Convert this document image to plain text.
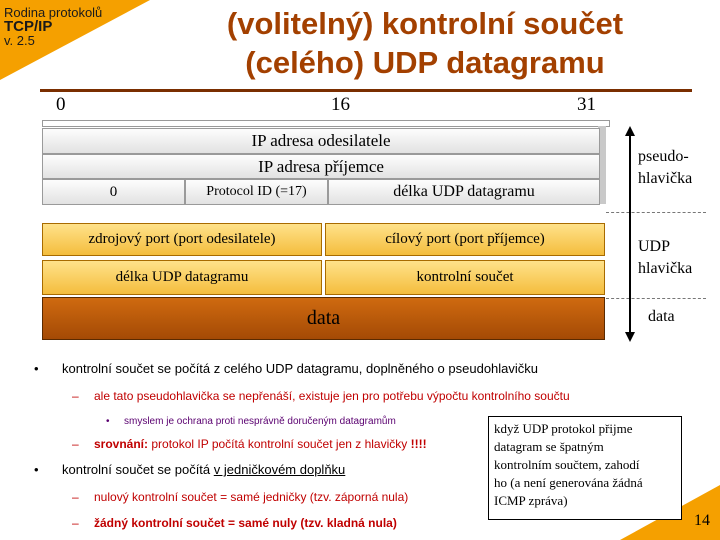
Rodina protokolů
TCP/IP
v. 2.5	(volitelný) kontrolní součet
(celého) UDP datagramu
0	16	31
IP adresa odesilatele
IP adresa příjemce
0	Protocol ID (=17)	délka UDP datagramu
zdrojový port (port odesilatele)	cílový port (port příjemce)
délka UDP datagramu	kontrolní součet
data
pseudo-
hlavička
UDP
hlavička
data
• kontrolní součet se počítá z celého UDP datagramu, doplněného o pseudohlavičku
– ale tato pseudohlavička se nepřenáší, existuje jen pro potřebu výpočtu kontrolního součtu
• smyslem je ochrana proti nesprávně doručeným datagramům
– srovnání: protokol IP počítá kontrolní součet jen z hlavičky !!!!
• kontrolní součet se počítá v jedničkovém doplňku
– nulový kontrolní součet = samé jedničky (tzv. záporná nula)
– žádný kontrolní součet = samé nuly (tzv. kladná nula)
když UDP protokol přijme
datagram se špatným
kontrolním součtem, zahodí
ho (a není generována žádná
ICMP zpráva)
14
